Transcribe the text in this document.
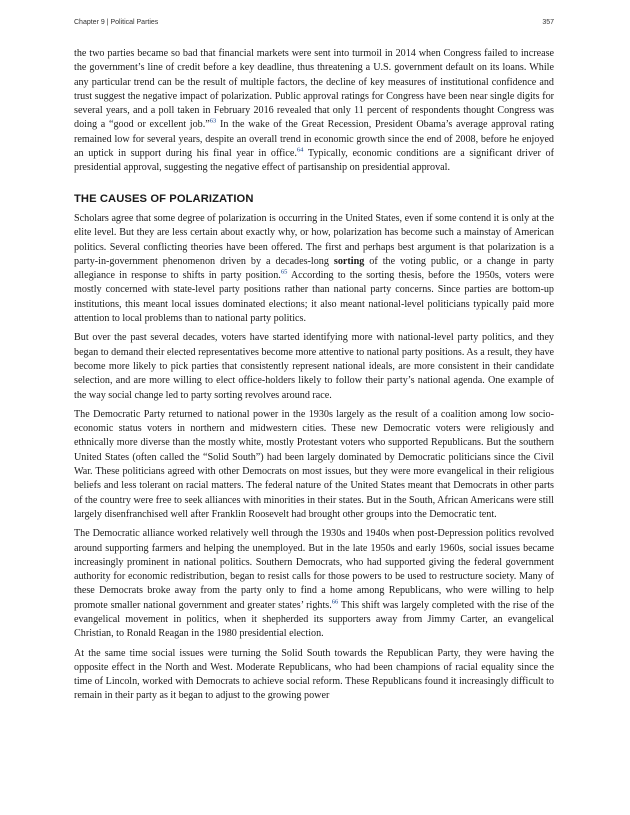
Chapter 9 | Political Parties	357

the two parties became so bad that financial markets were sent into turmoil in 2014 when Congress failed to increase the government’s line of credit before a key deadline, thus threatening a U.S. government default on its loans. While any particular trend can be the result of multiple factors, the decline of key measures of institutional confidence and trust suggest the negative impact of polarization. Public approval ratings for Congress have been near single digits for several years, and a poll taken in February 2016 revealed that only 11 percent of respondents thought Congress was doing a “good or excellent job.”$^{63}$ In the wake of the Great Recession, President Obama’s average approval rating remained low for several years, despite an overall trend in economic growth since the end of 2008, before he enjoyed an uptick in support during his final year in office.$^{64}$ Typically, economic conditions are a significant driver of presidential approval, suggesting the negative effect of partisanship on presidential approval.

THE CAUSES OF POLARIZATION

Scholars agree that some degree of polarization is occurring in the United States, even if some contend it is only at the elite level. But they are less certain about exactly why, or how, polarization has become such a mainstay of American politics. Several conflicting theories have been offered. The first and perhaps best argument is that polarization is a party-in-government phenomenon driven by a decades-long sorting of the voting public, or a change in party allegiance in response to shifts in party position.$^{65}$ According to the sorting thesis, before the 1950s, voters were mostly concerned with state-level party positions rather than national party concerns. Since parties are bottom-up institutions, this meant local issues dominated elections; it also meant national-level politicians typically paid more attention to local problems than to national party politics.

But over the past several decades, voters have started identifying more with national-level party politics, and they began to demand their elected representatives become more attentive to national party positions. As a result, they have become more likely to pick parties that consistently represent national ideals, are more consistent in their candidate selection, and are more willing to elect office-holders likely to follow their party’s national agenda. One example of the way social change led to party sorting revolves around race.

The Democratic Party returned to national power in the 1930s largely as the result of a coalition among low socio-economic status voters in northern and midwestern cities. These new Democratic voters were religiously and ethnically more diverse than the mostly white, mostly Protestant voters who supported Republicans. But the southern United States (often called the “Solid South”) had been largely dominated by Democratic politicians since the Civil War. These politicians agreed with other Democrats on most issues, but they were more evangelical in their religious beliefs and less tolerant on racial matters. The federal nature of the United States meant that Democrats in other parts of the country were free to seek alliances with minorities in their states. But in the South, African Americans were still largely disenfranchised well after Franklin Roosevelt had brought other groups into the Democratic tent.

The Democratic alliance worked relatively well through the 1930s and 1940s when post-Depression politics revolved around supporting farmers and helping the unemployed. But in the late 1950s and early 1960s, social issues became increasingly prominent in national politics. Southern Democrats, who had supported giving the federal government authority for economic redistribution, began to resist calls for those powers to be used to restructure society. Many of these Democrats broke away from the party only to find a home among Republicans, who were willing to help promote smaller national government and greater states’ rights.$^{66}$ This shift was largely completed with the rise of the evangelical movement in politics, when it shepherded its supporters away from Jimmy Carter, an evangelical Christian, to Ronald Reagan in the 1980 presidential election.

At the same time social issues were turning the Solid South towards the Republican Party, they were having the opposite effect in the North and West. Moderate Republicans, who had been champions of racial equality since the time of Lincoln, worked with Democrats to achieve social reform. These Republicans found it increasingly difficult to remain in their party as it began to adjust to the growing power
